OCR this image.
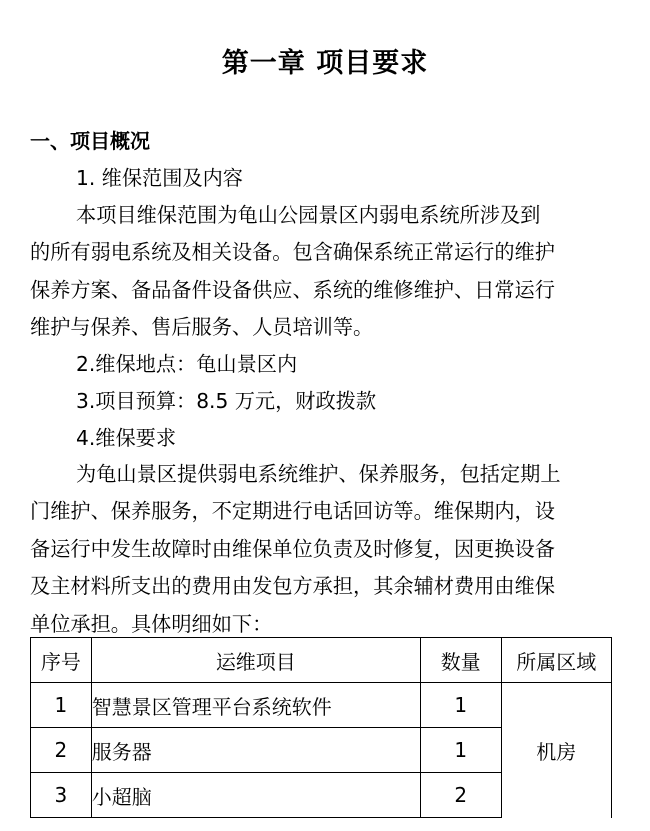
第一章 项目要求
一、项目概况
1. 维保范围及内容
本项目维保范围为龟山公园景区内弱电系统所涉及到
的所有弱电系统及相关设备。包含确保系统正常运行的维护
保养方案、备品备件设备供应、系统的维修维护、日常运行
维护与保养、售后服务、人员培训等。
2.维保地点：龟山景区内
3.项目预算：8.5 万元，财政拨款
4.维保要求
为龟山景区提供弱电系统维护、保养服务，包括定期上
门维护、保养服务，不定期进行电话回访等。维保期内，设
备运行中发生故障时由维保单位负责及时修复，因更换设备
及主材料所支出的费用由发包方承担，其余辅材费用由维保
单位承担。具体明细如下：
序号	运维项目	数量	所属区域
1	智慧景区管理平台系统软件	1	机房
2	服务器	1	
3	小超脑	2	
